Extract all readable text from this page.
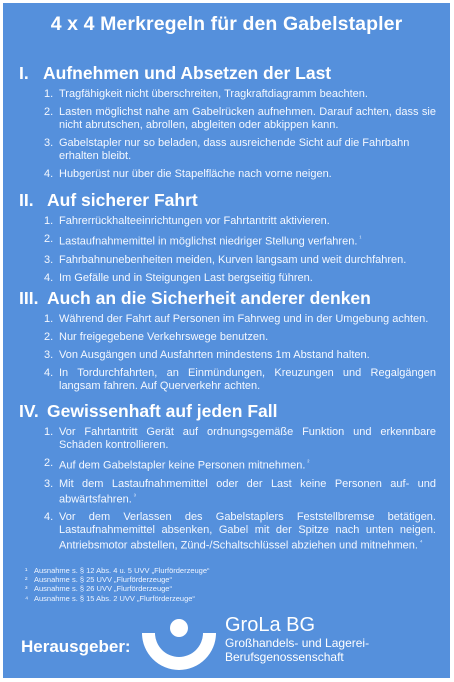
4 x 4 Merkregeln für den Gabelstapler
I. Aufnehmen und Absetzen der Last
1. Tragfähigkeit nicht überschreiten, Tragkraftdiagramm beachten.
2. Lasten möglichst nahe am Gabelrücken aufnehmen. Darauf achten, dass sie nicht abrutschen, abrollen, abgleiten oder abkippen kann.
3. Gabelstapler nur so beladen, dass ausreichende Sicht auf die Fahrbahn erhalten bleibt.
4. Hubgerüst nur über die Stapelfläche nach vorne neigen.
II. Auf sicherer Fahrt
1. Fahrerrückhalteeinrichtungen vor Fahrtantritt aktivieren.
2. Lastaufnahmemittel in möglichst niedriger Stellung verfahren. $^{^1}$
3. Fahrbahnunebenheiten meiden, Kurven langsam und weit durchfahren.
4. Im Gefälle und in Steigungen Last bergseitig führen.
III. Auch an die Sicherheit anderer denken
1. Während der Fahrt auf Personen im Fahrweg und in der Umgebung achten.
2. Nur freigegebene Verkehrswege benutzen.
3. Von Ausgängen und Ausfahrten mindestens 1m Abstand halten.
4. In Tordurchfahrten, an Einmündungen, Kreuzungen und Regalgängen langsam fahren. Auf Querverkehr achten.
IV. Gewissenhaft auf jeden Fall
1. Vor Fahrtantritt Gerät auf ordnungsgemäße Funktion und erkennbare Schäden kontrollieren.
2. Auf dem Gabelstapler keine Personen mitnehmen. $^{^2}$
3. Mit dem Lastaufnahmemittel oder der Last keine Personen auf- und abwärtsfahren. $^{^3}$
4. Vor dem Verlassen des Gabelstaplers Feststellbremse betätigen. Lastaufnahmemittel absenken, Gabel mit der Spitze nach unten neigen. Antriebsmotor abstellen, Zünd-/Schaltschlüssel abziehen und mitnehmen. $^{^4}$
¹ Ausnahme s. § 12 Abs. 4 u. 5 UVV „Flurförderzeuge“
² Ausnahme s. § 25 UVV „Flurförderzeuge“
³ Ausnahme s. § 26 UVV „Flurförderzeuge“
⁴ Ausnahme s. § 15 Abs. 2 UVV „Flurförderzeuge“
Herausgeber:
GroLa BG
Großhandels- und Lagerei-
Berufsgenossenschaft
